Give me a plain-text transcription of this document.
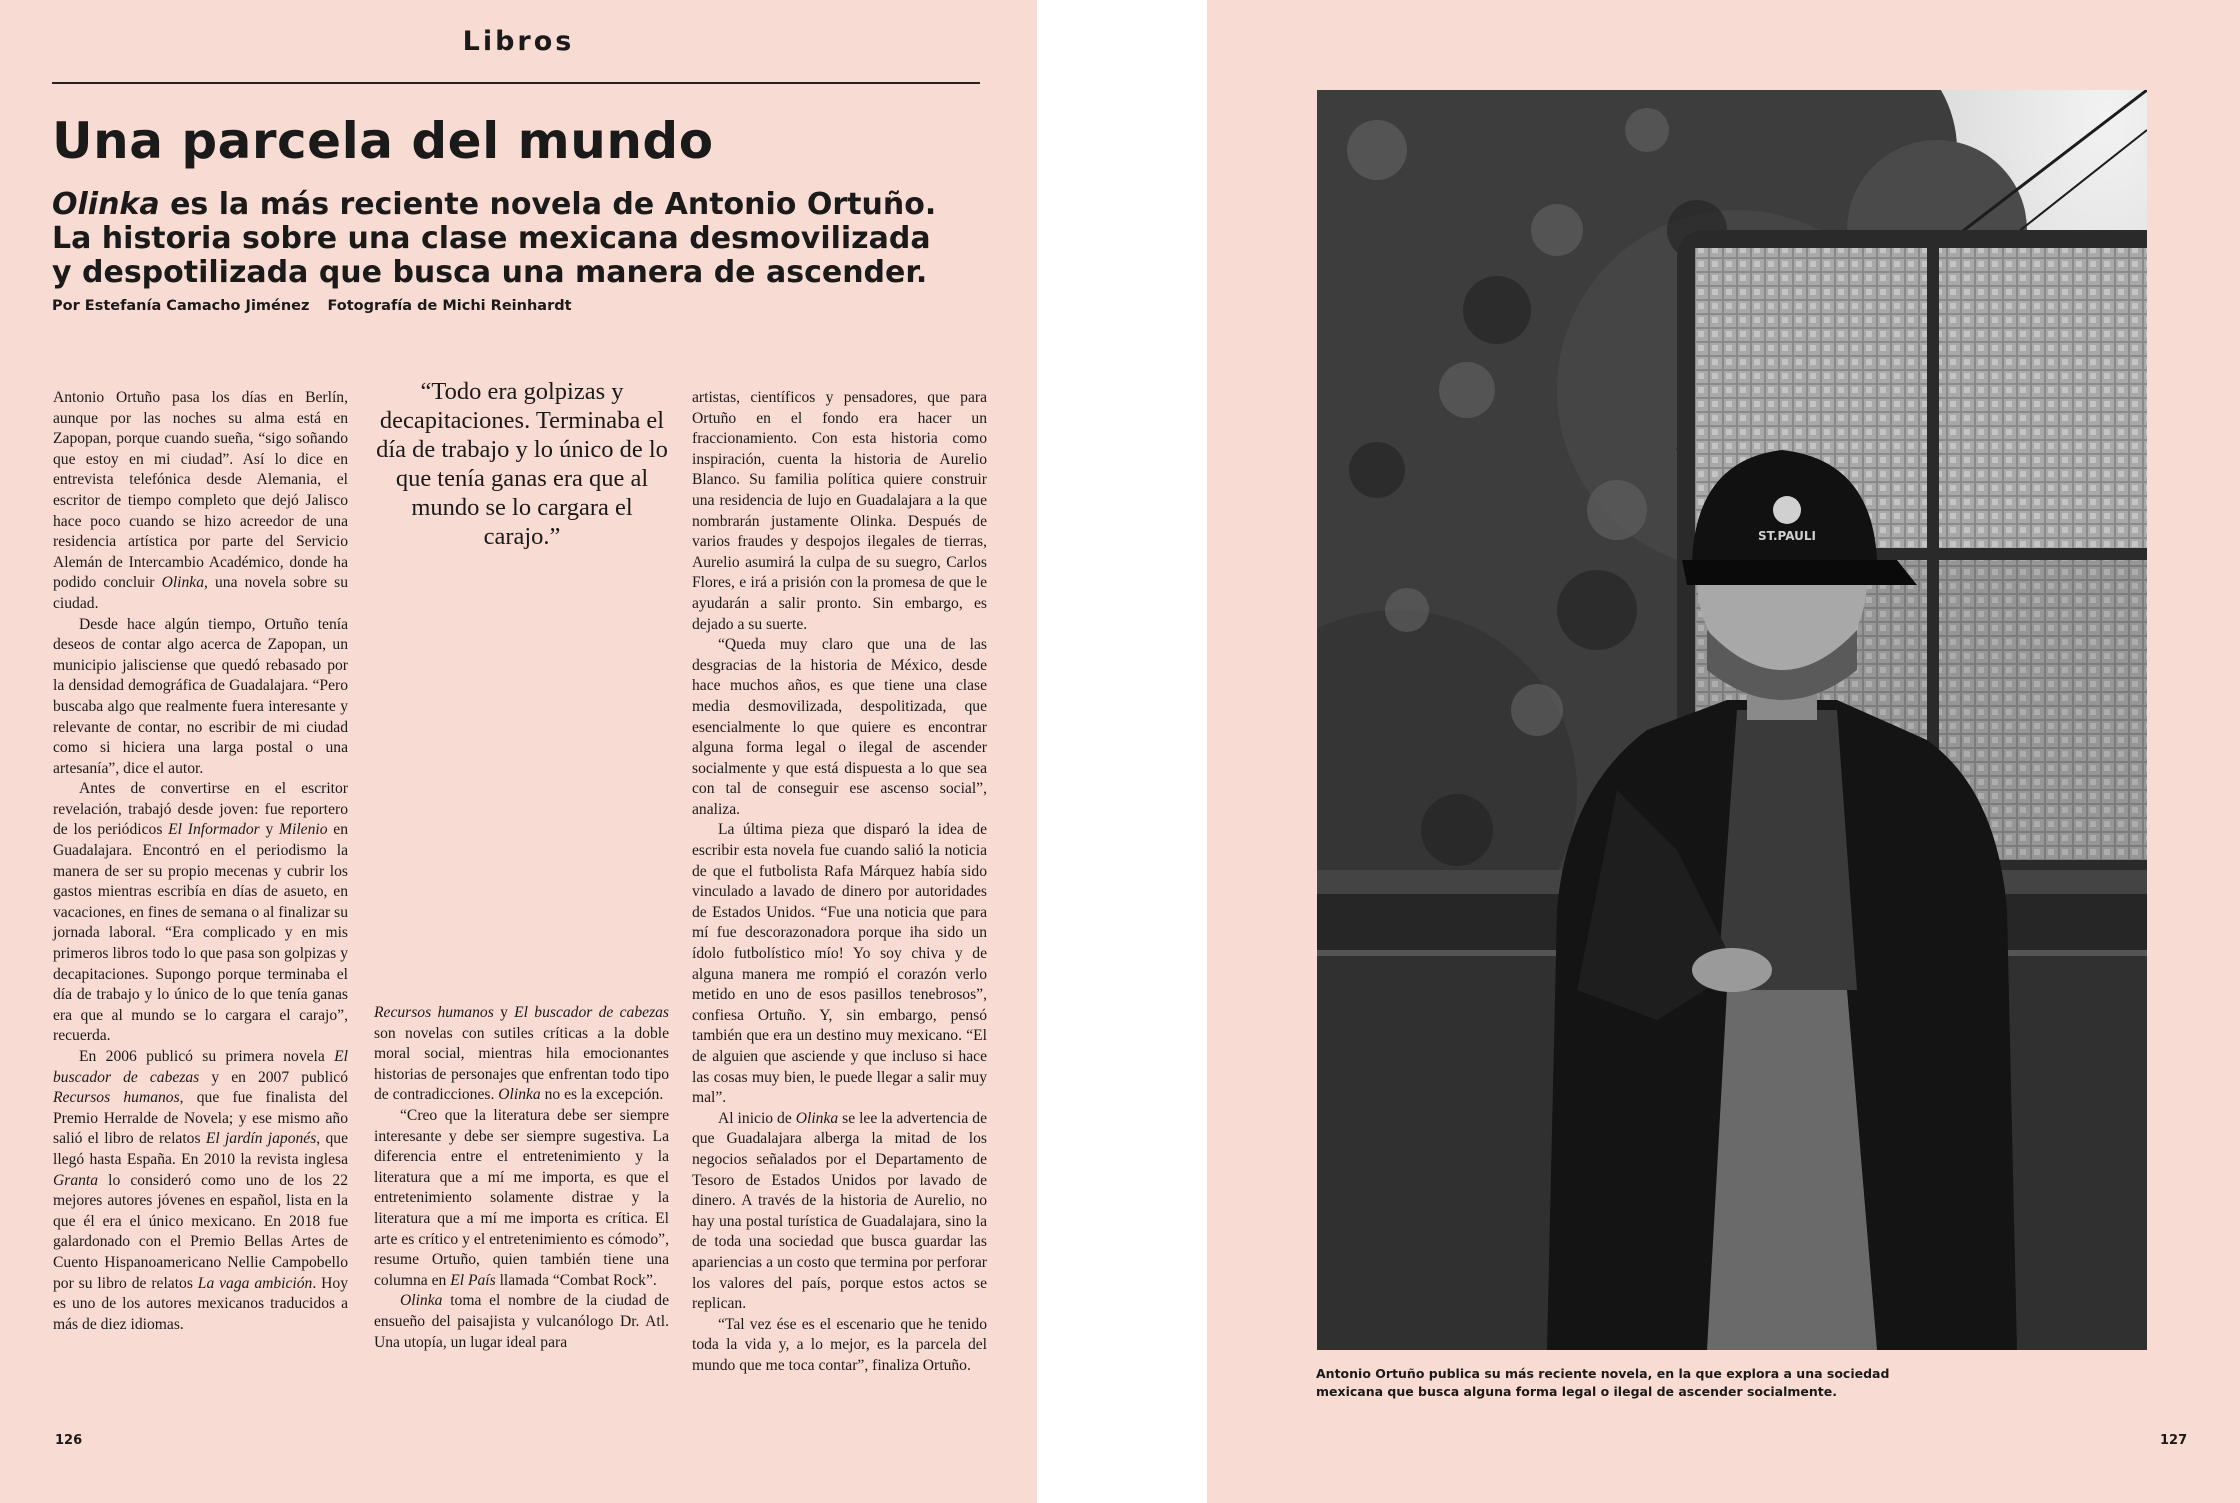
Libros
Una parcela del mundo
Olinka es la más reciente novela de Antonio Ortuño.
La historia sobre una clase mexicana desmovilizada
y despotilizada que busca una manera de ascender.
Por Estefanía Camacho Jiménez Fotografía de Michi Reinhardt

Antonio Ortuño pasa los días en Berlín, aunque por las noches su alma está en Zapopan, porque cuando sueña, “sigo soñando que estoy en mi ciudad”. Así lo dice en entrevista telefónica desde Alemania, el escritor de tiempo completo que dejó Jalisco hace poco cuando se hizo acreedor de una residencia artística por parte del Servicio Alemán de Intercambio Académico, donde ha podido concluir Olinka, una novela sobre su ciudad.

Desde hace algún tiempo, Ortuño tenía deseos de contar algo acerca de Zapopan, un municipio jalisciense que quedó rebasado por la densidad demográfica de Guadalajara. “Pero buscaba algo que realmente fuera interesante y relevante de contar, no escribir de mi ciudad como si hiciera una larga postal o una artesanía”, dice el autor.

Antes de convertirse en el escritor revelación, trabajó desde joven: fue reportero de los periódicos El Informador y Milenio en Guadalajara. Encontró en el periodismo la manera de ser su propio mecenas y cubrir los gastos mientras escribía en días de asueto, en vacaciones, en fines de semana o al finalizar su jornada laboral. “Era complicado y en mis primeros libros todo lo que pasa son golpizas y decapitaciones. Supongo porque terminaba el día de trabajo y lo único de lo que tenía ganas era que al mundo se lo cargara el carajo”, recuerda.

En 2006 publicó su primera novela El buscador de cabezas y en 2007 publicó Recursos humanos, que fue finalista del Premio Herralde de Novela; y ese mismo año salió el libro de relatos El jardín japonés, que llegó hasta España. En 2010 la revista inglesa Granta lo consideró como uno de los 22 mejores autores jóvenes en español, lista en la que él era el único mexicano. En 2018 fue galardonado con el Premio Bellas Artes de Cuento Hispanoamericano Nellie Campobello por su libro de relatos La vaga ambición. Hoy es uno de los autores mexicanos traducidos a más de diez idiomas.

“Todo era golpizas y decapitaciones. Terminaba el día de trabajo y lo único de lo que tenía ganas era que al mundo se lo cargara el carajo.”

Recursos humanos y El buscador de cabezas son novelas con sutiles críticas a la doble moral social, mientras hila emocionantes historias de personajes que enfrentan todo tipo de contradicciones. Olinka no es la excepción.

“Creo que la literatura debe ser siempre interesante y debe ser siempre sugestiva. La diferencia entre el entretenimiento y la literatura que a mí me importa, es que el entretenimiento solamente distrae y la literatura que a mí me importa es crítica. El arte es crítico y el entretenimiento es cómodo”, resume Ortuño, quien también tiene una columna en El País llamada “Combat Rock”.

Olinka toma el nombre de la ciudad de ensueño del paisajista y vulcanólogo Dr. Atl. Una utopía, un lugar ideal para

artistas, científicos y pensadores, que para Ortuño en el fondo era hacer un fraccionamiento. Con esta historia como inspiración, cuenta la historia de Aurelio Blanco. Su familia política quiere construir una residencia de lujo en Guadalajara a la que nombrarán justamente Olinka. Después de varios fraudes y despojos ilegales de tierras, Aurelio asumirá la culpa de su suegro, Carlos Flores, e irá a prisión con la promesa de que le ayudarán a salir pronto. Sin embargo, es dejado a su suerte.

“Queda muy claro que una de las desgracias de la historia de México, desde hace muchos años, es que tiene una clase media desmovilizada, despolitizada, que esencialmente lo que quiere es encontrar alguna forma legal o ilegal de ascender socialmente y que está dispuesta a lo que sea con tal de conseguir ese ascenso social”, analiza.

La última pieza que disparó la idea de escribir esta novela fue cuando salió la noticia de que el futbolista Rafa Márquez había sido vinculado a lavado de dinero por autoridades de Estados Unidos. “Fue una noticia que para mí fue descorazonadora porque iha sido un ídolo futbolístico mío! Yo soy chiva y de alguna manera me rompió el corazón verlo metido en uno de esos pasillos tenebrosos”, confiesa Ortuño. Y, sin embargo, pensó también que era un destino muy mexicano. “El de alguien que asciende y que incluso si hace las cosas muy bien, le puede llegar a salir muy mal”.

Al inicio de Olinka se lee la advertencia de que Guadalajara alberga la mitad de los negocios señalados por el Departamento de Tesoro de Estados Unidos por lavado de dinero. A través de la historia de Aurelio, no hay una postal turística de Guadalajara, sino la de toda una sociedad que busca guardar las apariencias a un costo que termina por perforar los valores del país, porque estos actos se replican.

“Tal vez ése es el escenario que he tenido toda la vida y, a lo mejor, es la parcela del mundo que me toca contar”, finaliza Ortuño.

126	127
ST.PAULI
Antonio Ortuño publica su más reciente novela, en la que explora a una sociedad
mexicana que busca alguna forma legal o ilegal de ascender socialmente.
